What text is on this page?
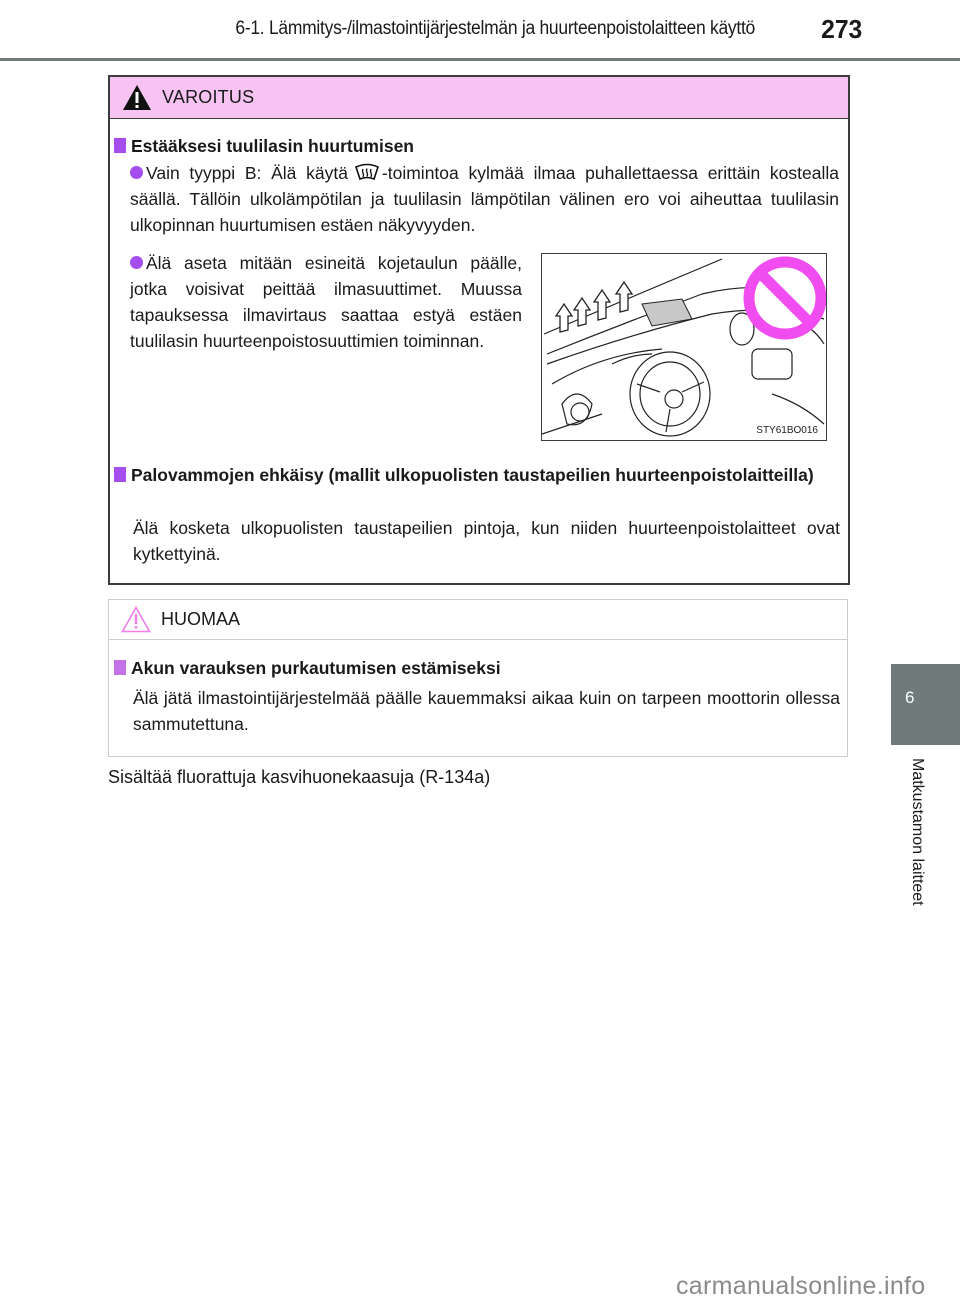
6-1. Lämmitys-/ilmastointijärjestelmän ja huurteenpoistolaitteen käyttö	273
VAROITUS
Estääksesi tuulilasin huurtumisen
Vain tyyppi B: Älä käytä -toimintoa kylmää ilmaa puhallettaessa erittäin kostealla säällä. Tällöin ulkolämpötilan ja tuulilasin lämpötilan välinen ero voi aiheuttaa tuulilasin ulkopinnan huurtumisen estäen näkyvyyden.
Älä aseta mitään esineitä kojetaulun päälle, jotka voisivat peittää ilmasuuttimet. Muussa tapauksessa ilmavirtaus saattaa estyä estäen tuulilasin huurteenpoistosuuttimien toiminnan.
STY61BO016
Palovammojen ehkäisy (mallit ulkopuolisten taustapeilien huurteenpoistolaitteilla)
Älä kosketa ulkopuolisten taustapeilien pintoja, kun niiden huurteenpoistolaitteet ovat kytkettyinä.
HUOMAA
Akun varauksen purkautumisen estämiseksi
Älä jätä ilmastointijärjestelmää päälle kauemmaksi aikaa kuin on tarpeen moottorin ollessa sammutettuna.
Sisältää fluorattuja kasvihuonekaasuja (R-134a)
6
Matkustamon laitteet
carmanualsonline.info
